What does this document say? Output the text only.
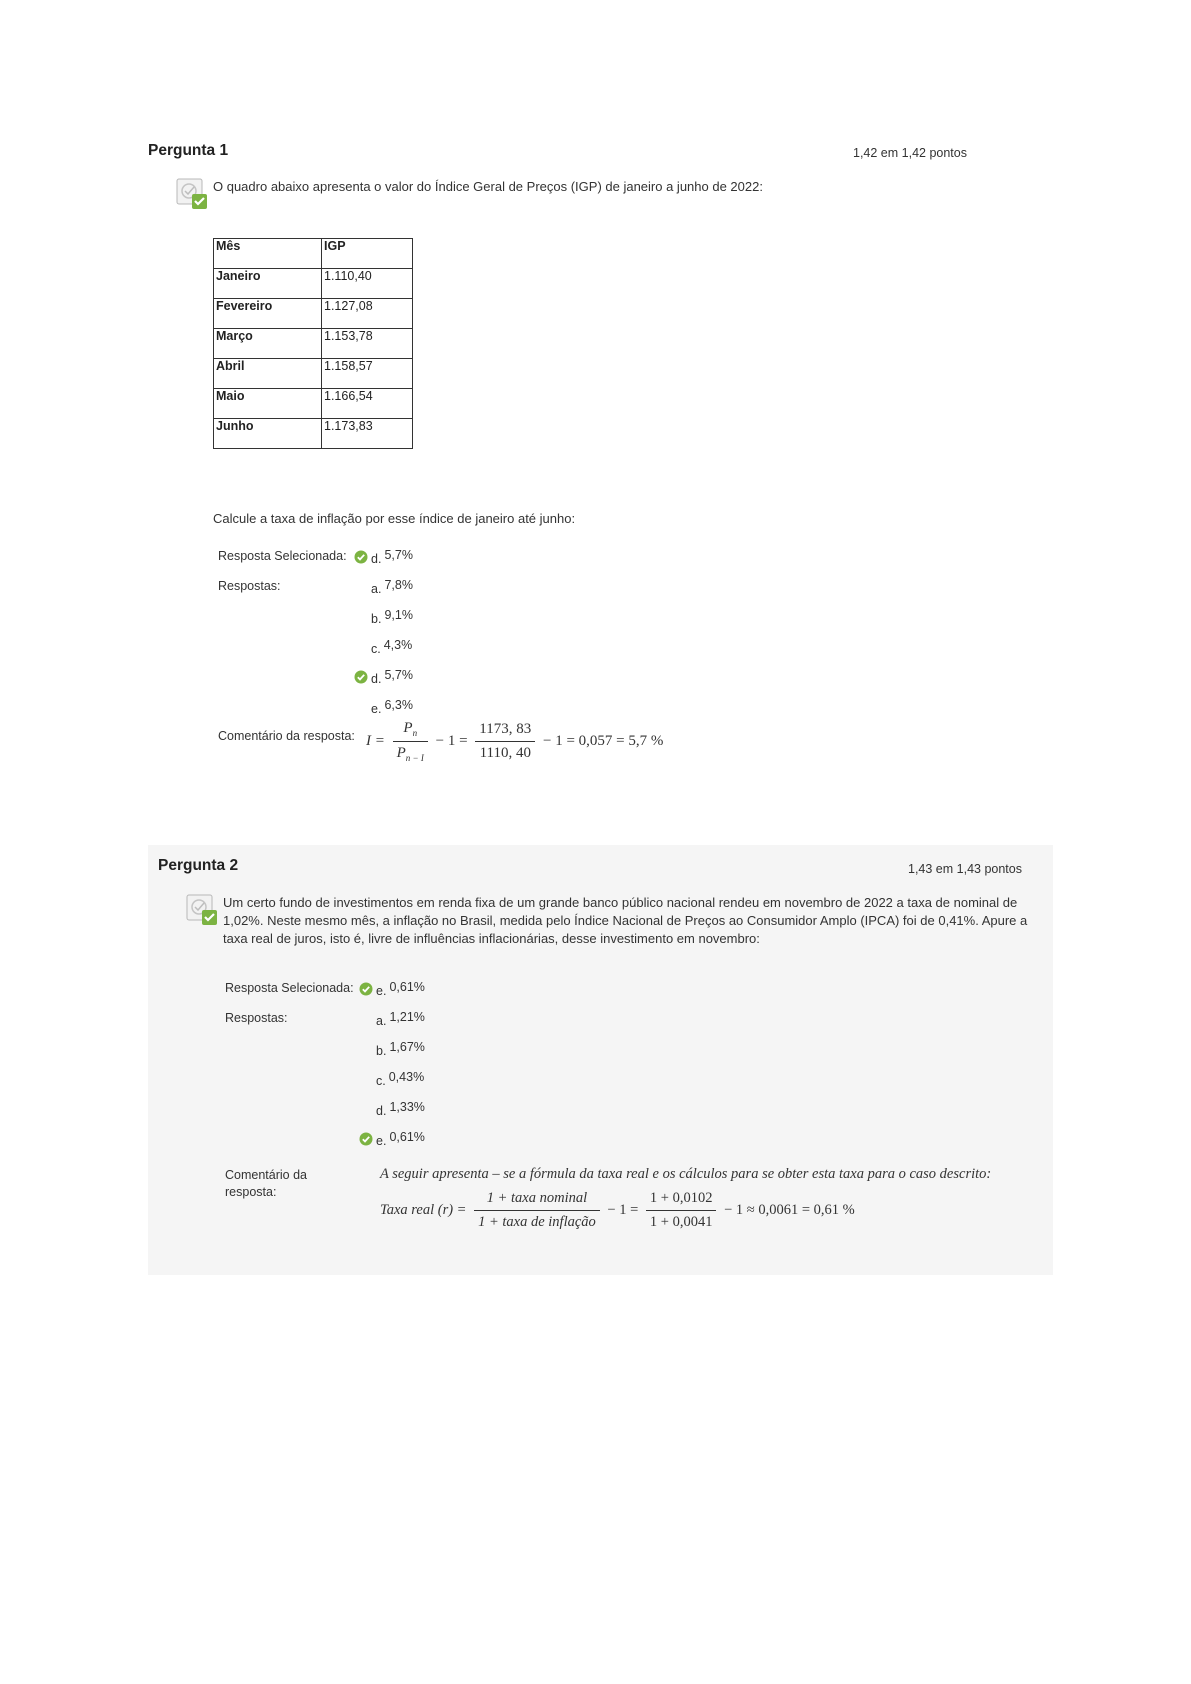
Pergunta 1	1,42 em 1,42 pontos
O quadro abaixo apresenta o valor do Índice Geral de Preços (IGP) de janeiro a junho de 2022:
Mês	IGP
Janeiro	1.110,40
Fevereiro	1.127,08
Março	1.153,78
Abril	1.158,57
Maio	1.166,54
Junho	1.173,83
Calcule a taxa de inflação por esse índice de janeiro até junho:
Resposta Selecionada:	d. 5,7%
Respostas:	a. 7,8%
b. 9,1%
c. 4,3%
d. 5,7%
e. 6,3%
Comentário da resposta: $I = \frac{P_n}{P_{n - I}} - 1 = \frac{1173, 83}{1110, 40} - 1 = 0,057 = 5,7$ %
Pergunta 2	1,43 em 1,43 pontos
Um certo fundo de investimentos em renda fixa de um grande banco público nacional rendeu em novembro de 2022 a taxa de nominal de 1,02%. Neste mesmo mês, a inflação no Brasil, medida pelo Índice Nacional de Preços ao Consumidor Amplo (IPCA) foi de 0,41%. Apure a taxa real de juros, isto é, livre de influências inflacionárias, desse investimento em novembro:
Resposta Selecionada:	e. 0,61%
Respostas:	a. 1,21%
b. 1,67%
c. 0,43%
d. 1,33%
e. 0,61%
Comentário da
resposta:
A seguir apresenta – se a fórmula da taxa real e os cálculos para se obter esta taxa para o caso descrito:
Taxa real $(r) = \frac{\text{1 + taxa nominal}}{\text{1 + taxa de inflação}} - 1 = \frac{1 + 0,0102}{1 + 0,0041} - 1 \approx 0,0061 = 0,61$ %
